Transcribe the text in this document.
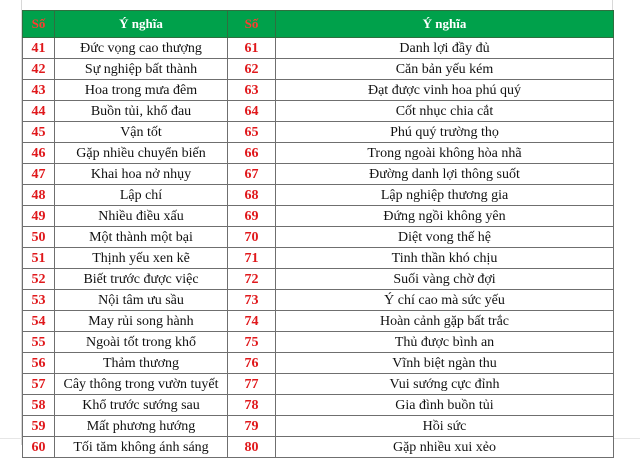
Số	Ý nghĩa	Số	Ý nghĩa
41	Đức vọng cao thượng	61	Danh lợi đầy đủ
42	Sự nghiệp bất thành	62	Căn bản yếu kém
43	Hoa trong mưa đêm	63	Đạt được vinh hoa phú quý
44	Buồn tủi, khổ đau	64	Cốt nhục chia cắt
45	Vận tốt	65	Phú quý trường thọ
46	Gặp nhiều chuyển biến	66	Trong ngoài không hòa nhã
47	Khai hoa nở nhụy	67	Đường danh lợi thông suốt
48	Lập chí	68	Lập nghiệp thương gia
49	Nhiều điều xấu	69	Đứng ngồi không yên
50	Một thành một bại	70	Diệt vong thế hệ
51	Thịnh yếu xen kẽ	71	Tinh thần khó chịu
52	Biết trước được việc	72	Suối vàng chờ đợi
53	Nội tâm ưu sầu	73	Ý chí cao mà sức yếu
54	May rủi song hành	74	Hoàn cảnh gặp bất trắc
55	Ngoài tốt trong khổ	75	Thủ được bình an
56	Thảm thương	76	Vĩnh biệt ngàn thu
57	Cây thông trong vườn tuyết	77	Vui sướng cực đỉnh
58	Khổ trước sướng sau	78	Gia đình buồn tủi
59	Mất phương hướng	79	Hồi sức
60	Tối tăm không ánh sáng	80	Gặp nhiều xui xẻo
